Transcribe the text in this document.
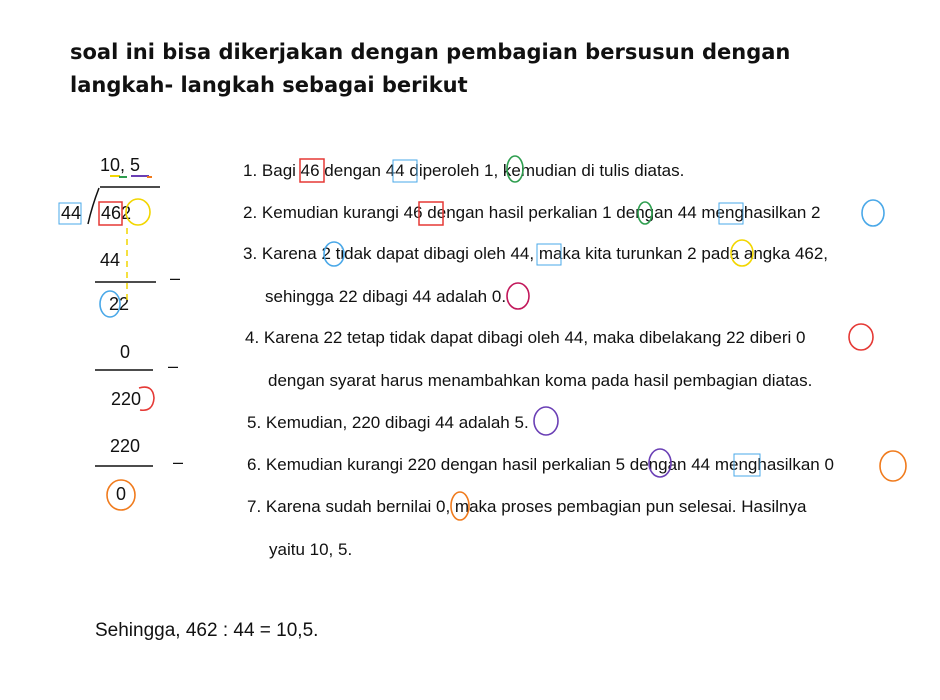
soal ini bisa dikerjakan dengan pembagian bersusun dengan
langkah- langkah sebagai berikut
10, 5
44 462
44
22
0
220
220
0
–
–
–
1. Bagi 46 dengan 44 diperoleh 1, kemudian di tulis diatas.
2. Kemudian kurangi 46 dengan hasil perkalian 1 dengan 44 menghasilkan 2
3. Karena 2 tidak dapat dibagi oleh 44, maka kita turunkan 2 pada angka 462,
sehingga 22 dibagi 44 adalah 0.
4. Karena 22 tetap tidak dapat dibagi oleh 44, maka dibelakang 22 diberi 0
dengan syarat harus menambahkan koma pada hasil pembagian diatas.
5. Kemudian, 220 dibagi 44 adalah 5.
6. Kemudian kurangi 220 dengan hasil perkalian 5 dengan 44 menghasilkan 0
7. Karena sudah bernilai 0, maka proses pembagian pun selesai. Hasilnya
yaitu 10, 5.
Sehingga, 462 : 44 = 10,5.
